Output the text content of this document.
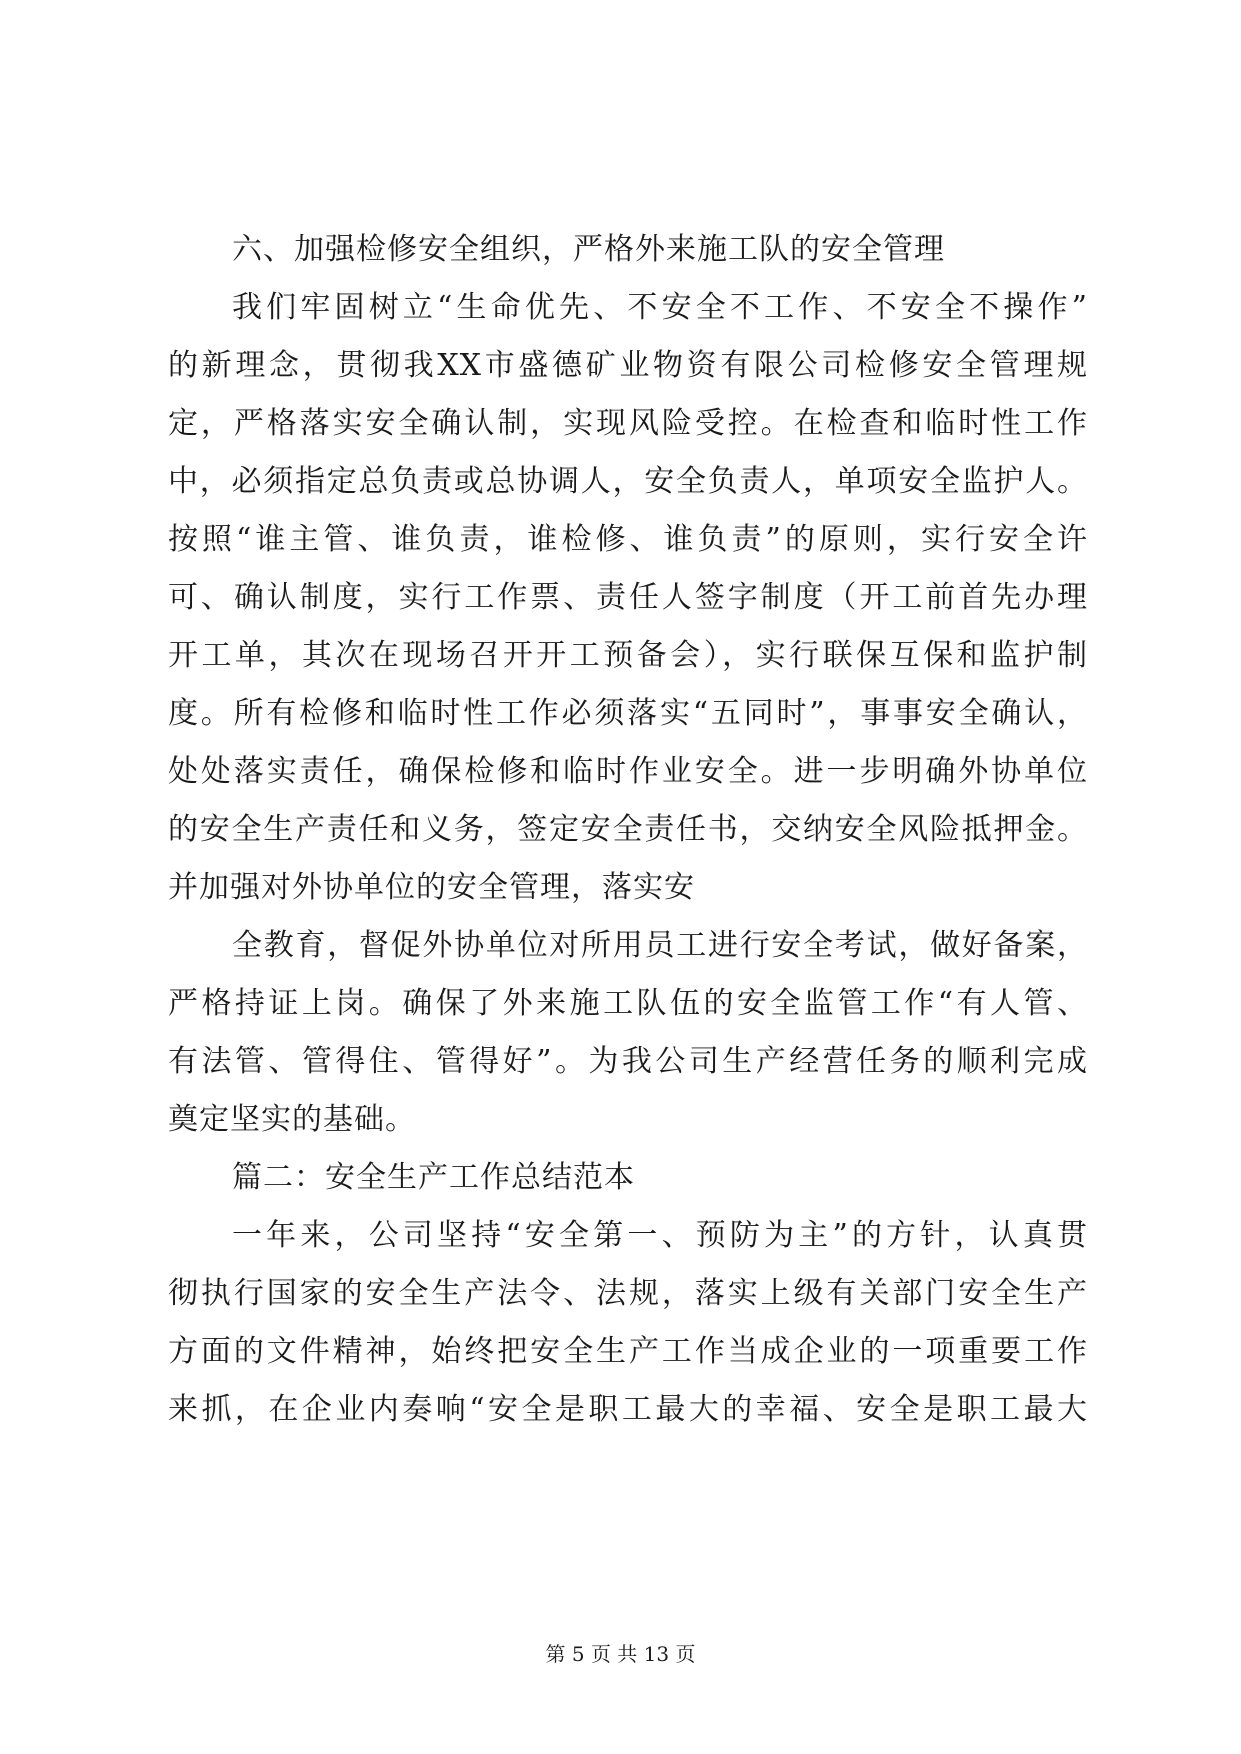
六、加强检修安全组织，严格外来施工队的安全管理
我们牢固树立“生命优先、不安全不工作、不安全不操作”
的新理念，贯彻我XX市盛德矿业物资有限公司检修安全管理规
定，严格落实安全确认制，实现风险受控。在检查和临时性工作
中，必须指定总负责或总协调人，安全负责人，单项安全监护人。
按照“谁主管、谁负责，谁检修、谁负责”的原则，实行安全许
可、确认制度，实行工作票、责任人签字制度（开工前首先办理
开工单，其次在现场召开开工预备会），实行联保互保和监护制
度。所有检修和临时性工作必须落实“五同时”，事事安全确认，
处处落实责任，确保检修和临时作业安全。进一步明确外协单位
的安全生产责任和义务，签定安全责任书，交纳安全风险抵押金。
并加强对外协单位的安全管理，落实安
全教育，督促外协单位对所用员工进行安全考试，做好备案，
严格持证上岗。确保了外来施工队伍的安全监管工作“有人管、
有法管、管得住、管得好”。为我公司生产经营任务的顺利完成
奠定坚实的基础。
篇二：安全生产工作总结范本
一年来，公司坚持“安全第一、预防为主”的方针，认真贯
彻执行国家的安全生产法令、法规，落实上级有关部门安全生产
方面的文件精神，始终把安全生产工作当成企业的一项重要工作
来抓，在企业内奏响“安全是职工最大的幸福、安全是职工最大
第 5 页 共 13 页
